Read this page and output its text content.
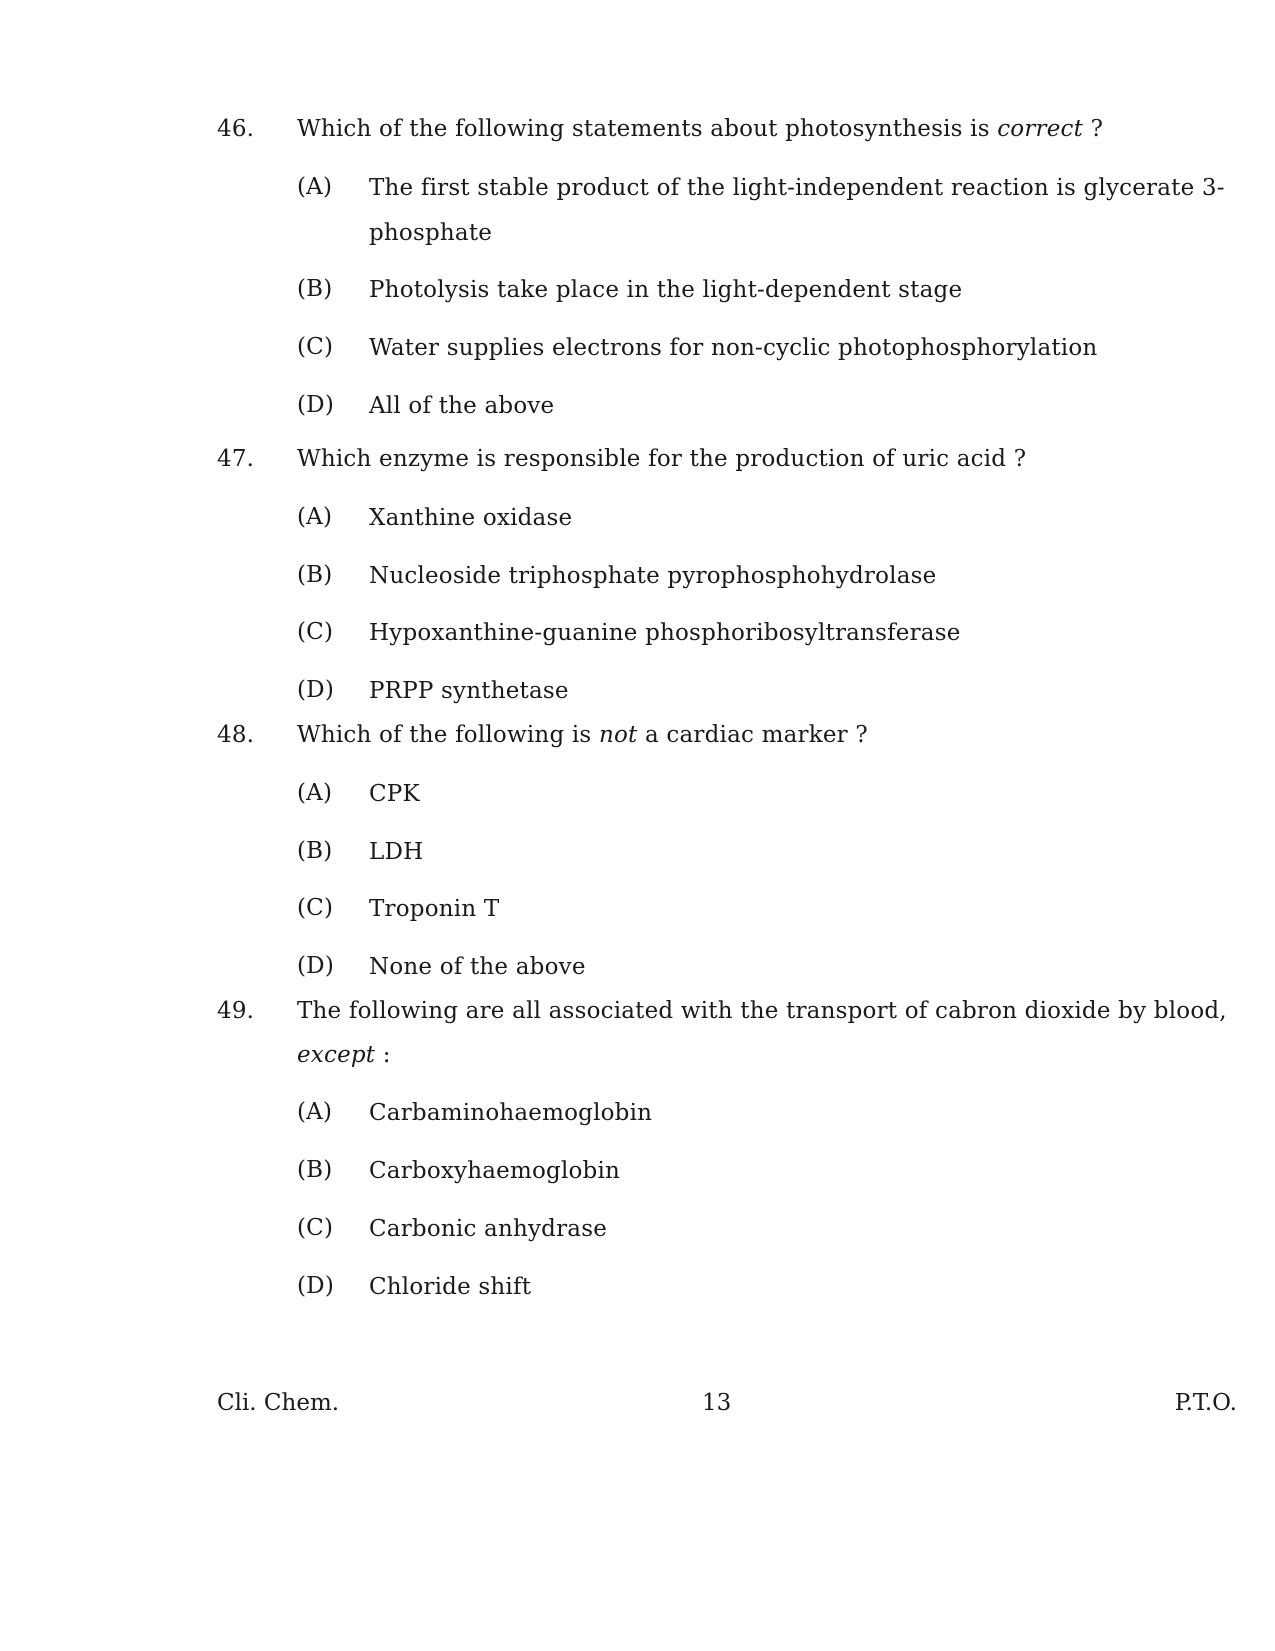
46.	Which of the following statements about photosynthesis is correct ?
(A) The first stable product of the light-independent reaction is glycerate 3-phosphate
(B) Photolysis take place in the light-dependent stage
(C) Water supplies electrons for non-cyclic photophosphorylation
(D) All of the above
47.	Which enzyme is responsible for the production of uric acid ?
(A) Xanthine oxidase
(B) Nucleoside triphosphate pyrophosphohydrolase
(C) Hypoxanthine-guanine phosphoribosyltransferase
(D) PRPP synthetase
48.	Which of the following is not a cardiac marker ?
(A) CPK
(B) LDH
(C) Troponin T
(D) None of the above
49.	The following are all associated with the transport of cabron dioxide by blood, except :
(A) Carbaminohaemoglobin
(B) Carboxyhaemoglobin
(C) Carbonic anhydrase
(D) Chloride shift
Cli. Chem.	13	P.T.O.
